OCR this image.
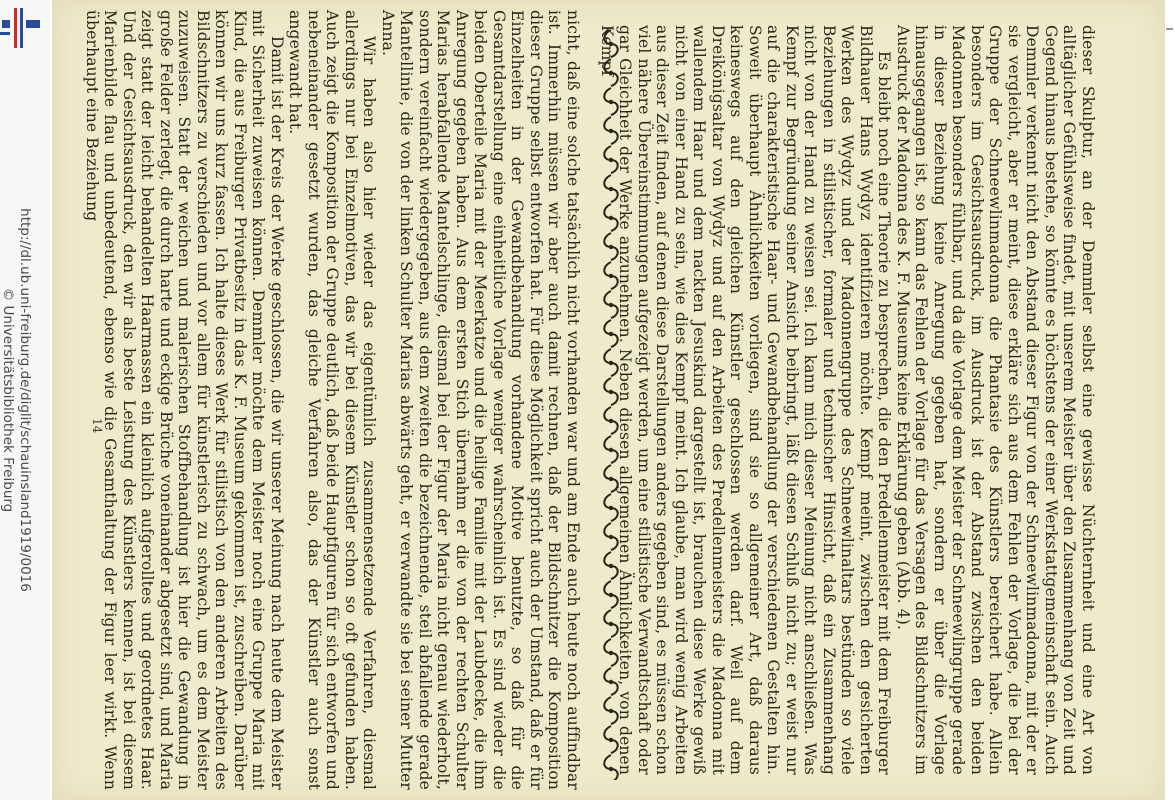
http://dl.ub.uni-freiburg.de/diglit/schauinsland1919/0016
© Universitätsbibliothek Freiburg	nicht, daß eine solche tatsächlich nicht vorhanden war und am Ende auch heute noch auffindbar ist. Immerhin müssen wir aber auch damit rechnen, daß der Bildschnitzer die Komposition dieser Gruppe selbst entworfen hat. Für diese Möglichkeit spricht auch der Umstand, daß er für Einzelheiten in der Gewandbehandlung vorhandene Motive benutzte, so daß für die Gesamtdarstellung eine einheitliche Vorlage weniger wahrscheinlich ist. Es sind wieder die beiden Oberteile Maria mit der Meerkatze und die heilige Familie mit der Laubdecke, die ihm Anregung gegeben haben. Aus dem ersten Stich übernahm er die von der rechten Schulter Marias herabfallende Mantelschlinge, diesmal bei der Figur der Maria nicht genau wiederholt, sondern vereinfacht wiedergegeben, aus dem zweiten die bezeichnende, steil abfallende gerade Mantellinie, die von der linken Schulter Marias abwärts geht, er verwandte sie bei seiner Mutter Anna.

Wir haben also hier wieder das eigentümlich zusammensetzende Verfahren, diesmal allerdings nur bei Einzelmotiven, das wir bei diesem Künstler schon so oft gefunden haben. Auch zeigt die Komposition der Gruppe deutlich, daß beide Hauptfiguren für sich entworfen und nebeneinander gesetzt wurden, das gleiche Verfahren also, das der Künstler auch sonst angewandt hat.

Damit ist der Kreis der Werke geschlossen, die wir unserer Meinung nach heute dem Meister mit Sicherheit zuweisen können. Demmler möchte dem Meister noch eine Gruppe Maria mit Kind, die aus Freiburger Privatbesitz in das K. F. Museum gekommen ist, zuschreiben. Darüber können wir uns kurz fassen. Ich halte dieses Werk für stilistisch von den anderen Arbeiten des Bildschnitzers zu verschieden und vor allem für künstlerisch zu schwach, um es dem Meister zuzuweisen. Statt der weichen und malerischen Stoffbehandlung ist hier die Gewandung in große Felder zerlegt, die durch harte und eckige Brüche voneinander abgesetzt sind, und Maria zeigt statt der leicht behandelten Haarmassen ein kleinlich aufgerolltes und geordnetes Haar. Und der Gesichtsausdruck, den wir als beste Leistung des Künstlers kennen, ist bei diesem Marienbilde flau und unbedeutend, ebenso wie die Gesamthaltung der Figur leer wirkt. Wenn überhaupt eine Beziehung	dieser Skulptur, an der Demmler selbst eine gewisse Nüchternheit und eine Art von alltäglicher Gefühlsweise findet, mit unserem Meister über den Zusammenhang von Zeit und Gegend hinaus bestehe, so könnte es höchstens der einer Werkstattgemeinschaft sein. Auch Demmler verkennt nicht den Abstand dieser Figur von der Schneewlinmadonna, mit der er sie vergleicht, aber er meint, diese erkläre sich aus dem Fehlen der Vorlage, die bei der Gruppe der Schneewlinmadonna die Phantasie des Künstlers bereichert habe. Allein besonders im Gesichtsausdruck, im Ausdruck ist der Abstand zwischen den beiden Madonnen besonders fühlbar, und da die Vorlage dem Meister der Schneewlingruppe gerade in dieser Beziehung keine Anregung gegeben hat, sondern er über die Vorlage hinausgegangen ist, so kann das Fehlen der Vorlage für das Versagen des Bildschnitzers im Ausdruck der Madonna des K. F. Museums keine Erklärung geben (Abb. 4).

Es bleibt noch eine Theorie zu besprechen, die den Predellenmeister mit dem Freiburger Bildhauer Hans Wydyz identifizieren möchte. Kempf meint, zwischen den gesicherten Werken des Wydyz und der Madonnengruppe des Schneewlinaltars bestünden so viele Beziehungen in stilistischer, formaler und technischer Hinsicht, daß ein Zusammenhang nicht von der Hand zu weisen sei. Ich kann mich dieser Meinung nicht anschließen. Was Kempf zur Begründung seiner Ansicht beibringt, läßt diesen Schluß nicht zu; er weist nur auf die charakteristische Haar- und Gewandbehandlung der verschiedenen Gestalten hin. Soweit überhaupt Ähnlichkeiten vorliegen, sind sie so allgemeiner Art, daß daraus keineswegs auf den gleichen Künstler geschlossen werden darf. Weil auf dem Dreikönigsaltar von Wydyz und auf den Arbeiten des Predellenmeisters die Madonna mit wallendem Haar und dem nackten Jesuskind dargestellt ist, brauchen diese Werke gewiß nicht von einer Hand zu sein, wie dies Kempf meint. Ich glaube, man wird wenig Arbeiten aus dieser Zeit finden, auf denen diese Darstellungen anders gegeben sind, es müssen schon viel nähere Übereinstimmungen aufgezeigt werden, um eine stilistische Verwandtschaft oder gar Gleichheit der Werke anzunehmen. Neben diesen allgemeinen Ähnlichkeiten, von denen Kempf

14
